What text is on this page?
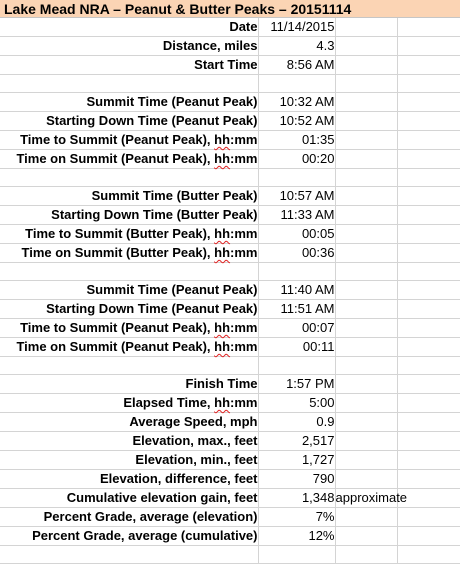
Lake Mead NRA – Peanut & Butter Peaks – 20151114
Date	11/14/2015		
Distance, miles	4.3		
Start Time	8:56 AM		

Summit Time (Peanut Peak)	10:32 AM		
Starting Down Time (Peanut Peak)	10:52 AM		
Time to Summit (Peanut Peak), hh:mm	01:35		
Time on Summit (Peanut Peak), hh:mm	00:20		

Summit Time (Butter Peak)	10:57 AM		
Starting Down Time (Butter Peak)	11:33 AM		
Time to Summit (Butter Peak), hh:mm	00:05		
Time on Summit (Butter Peak), hh:mm	00:36		

Summit Time (Peanut Peak)	11:40 AM		
Starting Down Time (Peanut Peak)	11:51 AM		
Time to Summit (Peanut Peak), hh:mm	00:07		
Time on Summit (Peanut Peak), hh:mm	00:11		

Finish Time	1:57 PM		
Elapsed Time, hh:mm	5:00		
Average Speed, mph	0.9		
Elevation, max., feet	2,517		
Elevation, min., feet	1,727		
Elevation, difference, feet	790		
Cumulative elevation gain, feet	1,348	approximate	
Percent Grade, average (elevation)	7%		
Percent Grade, average (cumulative)	12%		
